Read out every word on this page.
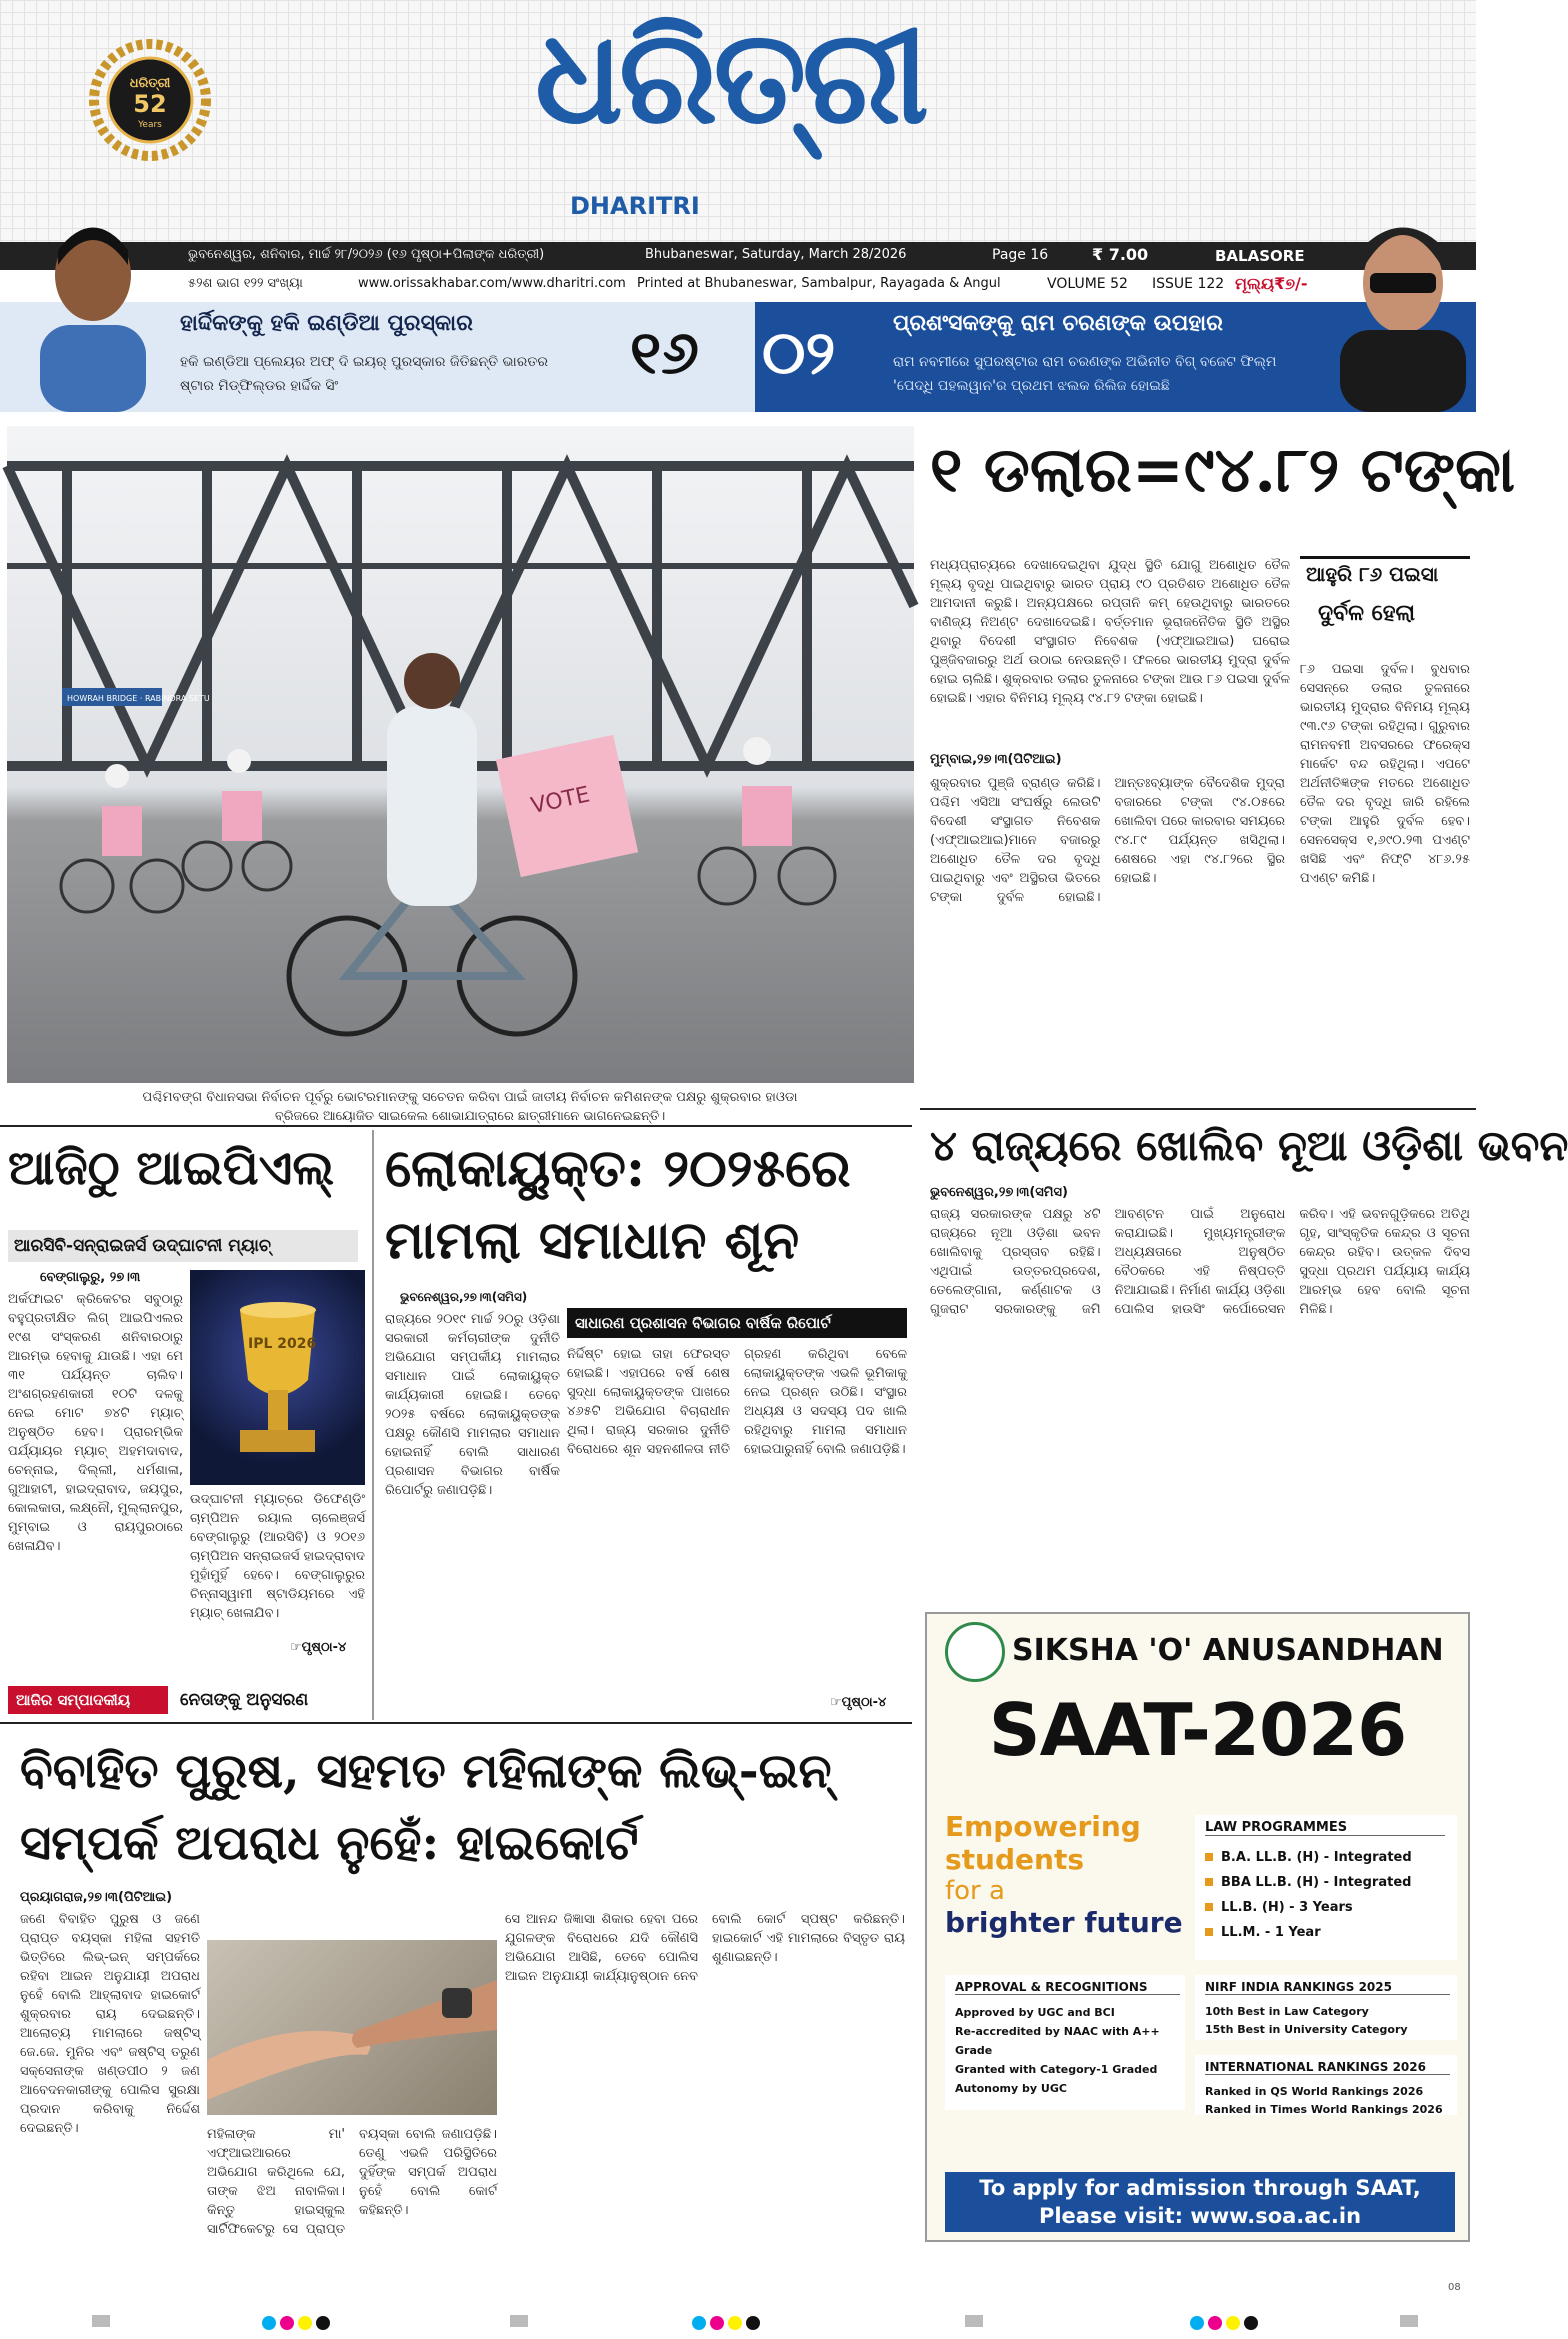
ଧରିତ୍ରୀ
52
Years	ଧରିତ୍ରୀ
DHARITRI
ଭୁବନେଶ୍ୱର, ଶନିବାର, ମାର୍ଚ୍ଚ ୨୮/୨୦୨୬ (୧୬ ପୃଷ୍ଠା+ପିଲାଙ୍କ ଧରିତ୍ରୀ)	Bhubaneswar, Saturday, March 28/2026	Page 16	₹ 7.00	BALASORE
୫୨ଶ ଭାଗ ୧୨୨ ସଂଖ୍ୟା	www.orissakhabar.com/www.dharitri.com Printed at Bhubaneswar, Sambalpur, Rayagada & Angul	VOLUME 52	ISSUE 122 ମୂଲ୍ୟ₹୭/-
ହାର୍ଦ୍ଦିକଙ୍କୁ ହକି ଇଣ୍ଡିଆ ପୁରସ୍କାର
ହକି ଇଣ୍ଡିଆ ପ୍ଲେୟର ଅଫ୍ ଦି ଇୟର୍ ପୁରସ୍କାର ଜିତିଛନ୍ତି ଭାରତର ଷ୍ଟାର ମିଡ୍‌ଫିଲ୍ଡର ହାର୍ଦ୍ଦିକ ସିଂ	୧୬	୦୨	ପ୍ରଶଂସକଙ୍କୁ ରାମ ଚରଣଙ୍କ ଉପହାର
ରାମ ନବମୀରେ ସୁପରଷ୍ଟାର ରାମ ଚରଣଙ୍କ ଅଭିନୀତ ବିଗ୍ ବଜେଟ ଫିଲ୍ମ 'ପେଦ୍ଧି ପହଲୱାନ'ର ପ୍ରଥମ ଝଲକ ରିଲିଜ ହୋଇଛି
HOWRAH BRIDGE · RABINDRA SETU
VOTE
ପଶ୍ଚିମବଙ୍ଗ ବିଧାନସଭା ନିର୍ବାଚନ ପୂର୍ବରୁ ଭୋଟରମାନଙ୍କୁ ସଚେତନ କରିବା ପାଇଁ ଜାତୀୟ ନିର୍ବାଚନ କମିଶନଙ୍କ ପକ୍ଷରୁ ଶୁକ୍ରବାର ହାଓଡା ବ୍ରିଜରେ ଆୟୋଜିତ ସାଇକେଲ ଶୋଭାଯାତ୍ରାରେ ଛାତ୍ରୀମାନେ ଭାଗନେଇଛନ୍ତି।
୧ ଡଲାର=୯୪.୮୨ ଟଙ୍କା
ଆହୁରି ୮୬ ପଇସା
ଦୁର୍ବଳ ହେଲା
ମଧ୍ୟପ୍ରାଚ୍ୟରେ ଦେଖାଦେଇଥିବା ଯୁଦ୍ଧ ସ୍ଥିତି ଯୋଗୁ ଅଶୋଧିତ ତୈଳ ମୂଲ୍ୟ ବୃଦ୍ଧି ପାଇଥିବାରୁ ଭାରତ ପ୍ରାୟ ୯୦ ପ୍ରତିଶତ ଅଶୋଧିତ ତୈଳ ଆମଦାନୀ କରୁଛି। ଅନ୍ୟପକ୍ଷରେ ରପ୍ତାନି କମ୍ ହେଉଥିବାରୁ ଭାରତରେ ବାଣିଜ୍ୟ ନିଅଣ୍ଟ ଦେଖାଦେଇଛି। ବର୍ତ୍ତମାନ ଭୂରାଜନୈତିକ ସ୍ଥିତି ଅସ୍ଥିର ଥିବାରୁ ବିଦେଶୀ ସଂସ୍ଥାଗତ ନିବେଶକ (ଏଫ୍‌ଆଇଆଇ) ଘରୋଇ ପୁଞ୍ଜିବଜାରରୁ ଅର୍ଥ ଉଠାଇ ନେଉଛନ୍ତି। ଫଳରେ ଭାରତୀୟ ମୁଦ୍ରା ଦୁର୍ବଳ ହୋଇ ଚାଲିଛି। ଶୁକ୍ରବାର ଡଲାର ତୁଳନାରେ ଟଙ୍କା ଆଉ ୮୬ ପଇସା ଦୁର୍ବଳ ହୋଇଛି। ଏହାର ବିନିମୟ ମୂଲ୍ୟ ୯୪.୮୨ ଟଙ୍କା ହୋଇଛି।
ମୁମ୍ବାଇ,୨୭।୩(ପିଟିଆଇ)
ଶୁକ୍ରବାର ପୁଞ୍ଜି ବ୍ରାଣ୍ଡ କରିଛି। ପଶ୍ଚିମ ଏସିଆ ସଂଘର୍ଷରୁ ଲେଉଟି ବିଦେଶୀ ସଂସ୍ଥାଗତ ନିବେଶକ (ଏଫ୍‌ଆଇଆଇ)ମାନେ ବଜାରରୁ ଅଶୋଧିତ ତୈଳ ଦର ବୃଦ୍ଧି ପାଇଥିବାରୁ ଏବଂ ଅସ୍ଥିରତା ଭିତରେ ଟଙ୍କା ଦୁର୍ବଳ ହୋଇଛି। ଆନ୍ତଃବ୍ୟାଙ୍କ ବୈଦେଶିକ ମୁଦ୍ରା ବଜାରରେ ଟଙ୍କା ୯୪.୦୫ରେ ଖୋଲିବା ପରେ କାରବାର ସମୟରେ ୯୪.୮୯ ପର୍ଯ୍ୟନ୍ତ ଖସିଥିଲା। ଶେଷରେ ଏହା ୯୪.୮୨ରେ ସ୍ଥିର ହୋଇଛି।
୮୬ ପଇସା ଦୁର୍ବଳ। ବୁଧବାର ସେସନ୍‌ରେ ଡଲାର ତୁଳନାରେ ଭାରତୀୟ ମୁଦ୍ରାର ବିନିମୟ ମୂଲ୍ୟ ୯୩.୯୬ ଟଙ୍କା ରହିଥିଲା। ଗୁରୁବାର ରାମନବମୀ ଅବସରରେ ଫରେକ୍ସ ମାର୍କେଟ ବନ୍ଦ ରହିଥିଲା। ଏପଟେ ଅର୍ଥନୀତିଜ୍ଞଙ୍କ ମତରେ ଅଶୋଧିତ ତୈଳ ଦର ବୃଦ୍ଧି ଜାରି ରହିଲେ ଟଙ୍କା ଆହୁରି ଦୁର୍ବଳ ହେବ। ସେନସେକ୍ସ ୧,୬୯୦.୨୩ ପଏଣ୍ଟ ଖସିଛି ଏବଂ ନିଫ୍ଟି ୪୮୬.୨୫ ପଏଣ୍ଟ କମିଛି।
୪ ରାଜ୍ୟରେ ଖୋଲିବ ନୂଆ ଓଡ଼ିଶା ଭବନ
ଭୁବନେଶ୍ୱର,୨୭।୩(ସମିସ)
ରାଜ୍ୟ ସରକାରଙ୍କ ପକ୍ଷରୁ ୪ଟି ରାଜ୍ୟରେ ନୂଆ ଓଡ଼ିଶା ଭବନ ଖୋଲିବାକୁ ପ୍ରସ୍ତାବ ରହିଛି। ଏଥିପାଇଁ ଉତ୍ତରପ୍ରଦେଶ, ତେଲେଙ୍ଗାନା, କର୍ଣ୍ଣାଟକ ଓ ଗୁଜରାଟ ସରକାରଙ୍କୁ ଜମି ଆବଣ୍ଟନ ପାଇଁ ଅନୁରୋଧ କରାଯାଇଛି। ମୁଖ୍ୟମନ୍ତ୍ରୀଙ୍କ ଅଧ୍ୟକ୍ଷତାରେ ଅନୁଷ୍ଠିତ ବୈଠକରେ ଏହି ନିଷ୍ପତ୍ତି ନିଆଯାଇଛି। ନିର୍ମାଣ କାର୍ଯ୍ୟ ଓଡ଼ିଶା ପୋଲିସ ହାଉସିଂ କର୍ପୋରେସନ କରିବ। ଏହି ଭବନଗୁଡ଼ିକରେ ଅତିଥି ଗୃହ, ସାଂସ୍କୃତିକ କେନ୍ଦ୍ର ଓ ସୂଚନା କେନ୍ଦ୍ର ରହିବ। ଉତ୍କଳ ଦିବସ ସୁଦ୍ଧା ପ୍ରଥମ ପର୍ଯ୍ୟାୟ କାର୍ଯ୍ୟ ଆରମ୍ଭ ହେବ ବୋଲି ସୂଚନା ମିଳିଛି।
ଆଜିଠୁ ଆଇପିଏଲ୍
ଆରସିବି-ସନ୍‌ରାଇଜର୍ସ ଉଦ୍‌ଘାଟନୀ ମ୍ୟାଚ୍
ବେଙ୍ଗାଲୁରୁ, ୨୭।୩
ଅର୍କଫାଇଟ କ୍ରିକେଟର ସବୁଠାରୁ ବହୁପ୍ରତୀକ୍ଷିତ ଲିଗ୍ ଆଇପିଏଲର ୧୯ଶ ସଂସ୍କରଣ ଶନିବାରଠାରୁ ଆରମ୍ଭ ହେବାକୁ ଯାଉଛି। ଏହା ମେ ୩୧ ପର୍ଯ୍ୟନ୍ତ ଚାଲିବ। ଅଂଶଗ୍ରହଣକାରୀ ୧୦ଟି ଦଳକୁ ନେଇ ମୋଟ ୭୪ଟି ମ୍ୟାଚ୍ ଅନୁଷ୍ଠିତ ହେବ। ପ୍ରାରମ୍ଭିକ ପର୍ଯ୍ୟାୟର ମ୍ୟାଚ୍ ଅହମଦାବାଦ, ଚେନ୍ନାଇ, ଦିଲ୍ଲୀ, ଧର୍ମଶାଳା, ଗୁଆହାଟୀ, ହାଇଦ୍ରାବାଦ, ଜୟପୁର, କୋଲକାତା, ଲକ୍ଷ୍ନୌ, ମୁଲ୍ଲାନପୁର, ମୁମ୍ବାଇ ଓ ରାୟପୁରଠାରେ ଖେଳାଯିବ।
IPL 2026
ଉଦ୍‌ଘାଟନୀ ମ୍ୟାଚ୍‌ରେ ଡିଫେଣ୍ଡିଂ ଚାମ୍ପିଅନ ରୟାଲ ଚାଲେଞ୍ଜର୍ସ ବେଙ୍ଗାଲୁରୁ (ଆରସିବି) ଓ ୨୦୧୬ ଚାମ୍ପିଅନ ସନ୍‌ରାଇଜର୍ସ ହାଇଦ୍ରାବାଦ ମୁହାଁମୁହିଁ ହେବେ। ବେଙ୍ଗାଲୁରୁର ଚିନ୍ନାସ୍ୱାମୀ ଷ୍ଟାଡିୟମରେ ଏହି ମ୍ୟାଚ୍ ଖେଳାଯିବ।
☞ପୃଷ୍ଠା-୪
ଆଜିର ସମ୍ପାଦକୀୟ	ନେତାଙ୍କୁ ଅନୁସରଣ
ଲୋକାୟୁକ୍ତ: ୨୦୨୫ରେ
ମାମଲା ସମାଧାନ ଶୂନ
ଭୁବନେଶ୍ୱର,୨୭।୩(ସମିସ)
ରାଜ୍ୟରେ ୨୦୧୯ ମାର୍ଚ୍ଚ ୨୦ରୁ ଓଡ଼ିଶା ସରକାରୀ କର୍ମଚାରୀଙ୍କ ଦୁର୍ନୀତି ଅଭିଯୋଗ ସମ୍ପର୍କୀୟ ମାମଲାର ସମାଧାନ ପାଇଁ ଲୋକାୟୁକ୍ତ କାର୍ଯ୍ୟକାରୀ ହୋଇଛି। ତେବେ ୨୦୨୫ ବର୍ଷରେ ଲୋକାୟୁକ୍ତଙ୍କ ପକ୍ଷରୁ କୌଣସି ମାମଲାର ସମାଧାନ ହୋଇନାହିଁ ବୋଲି ସାଧାରଣ ପ୍ରଶାସନ ବିଭାଗର ବାର୍ଷିକ ରିପୋର୍ଟରୁ ଜଣାପଡ଼ିଛି।
ସାଧାରଣ ପ୍ରଶାସନ ବିଭାଗର ବାର୍ଷିକ ରିପୋର୍ଟ
ନିର୍ଦ୍ଦିଷ୍ଟ ହୋଇ ତାହା ଫେରସ୍ତ ହୋଇଛି। ଏହାପରେ ବର୍ଷ ଶେଷ ସୁଦ୍ଧା ଲୋକାୟୁକ୍ତଙ୍କ ପାଖରେ ୪୬୫ଟି ଅଭିଯୋଗ ବିଚାରାଧୀନ ଥିଲା। ରାଜ୍ୟ ସରକାର ଦୁର୍ନୀତି ବିରୋଧରେ ଶୂନ ସହନଶୀଳତା ନୀତି ଗ୍ରହଣ କରିଥିବା ବେଳେ ଲୋକାୟୁକ୍ତଙ୍କ ଏଭଳି ଭୂମିକାକୁ ନେଇ ପ୍ରଶ୍ନ ଉଠିଛି। ସଂସ୍ଥାର ଅଧ୍ୟକ୍ଷ ଓ ସଦସ୍ୟ ପଦ ଖାଲି ରହିଥିବାରୁ ମାମଲା ସମାଧାନ ହୋଇପାରୁନାହିଁ ବୋଲି ଜଣାପଡ଼ିଛି।
☞ପୃଷ୍ଠା-୪
ବିବାହିତ ପୁରୁଷ, ସହମତ ମହିଳାଙ୍କ ଲିଭ୍-ଇନ୍ ସମ୍ପର୍କ ଅପରାଧ ନୁହେଁ: ହାଇକୋର୍ଟ
ପ୍ରୟାଗରାଜ,୨୭।୩(ପିଟିଆଇ)
ଜଣେ ବିବାହିତ ପୁରୁଷ ଓ ଜଣେ ପ୍ରାପ୍ତ ବୟସ୍କା ମହିଳା ସହମତି ଭିତ୍ତିରେ ଲିଭ୍-ଇନ୍ ସମ୍ପର୍କରେ ରହିବା ଆଇନ ଅନୁଯାୟୀ ଅପରାଧ ନୁହେଁ ବୋଲି ଆହ୍ଲାବାଦ ହାଇକୋର୍ଟ ଶୁକ୍ରବାର ରାୟ ଦେଇଛନ୍ତି। ଆଲୋଚ୍ୟ ମାମଲାରେ ଜଷ୍ଟିସ୍ ଜେ.ଜେ. ମୁନିର ଏବଂ ଜଷ୍ଟିସ୍ ତରୁଣ ସକ୍ସେନାଙ୍କ ଖଣ୍ଡପୀଠ ୨ ଜଣ ଆବେଦନକାରୀଙ୍କୁ ପୋଲିସ ସୁରକ୍ଷା ପ୍ରଦାନ କରିବାକୁ ନିର୍ଦ୍ଦେଶ ଦେଇଛନ୍ତି।	ମହିଳାଙ୍କ ମା' ଏଫ୍‌ଆଇଆରରେ ଅଭିଯୋଗ କରିଥିଲେ ଯେ, ତାଙ୍କ ଝିଅ ନାବାଳିକା। କିନ୍ତୁ ହାଇସ୍କୁଲ ସାର୍ଟିଫିକେଟରୁ ସେ ପ୍ରାପ୍ତ ବୟସ୍କା ବୋଲି ଜଣାପଡ଼ିଛି। ତେଣୁ ଏଭଳି ପରିସ୍ଥିତିରେ ଦୁହିଁଙ୍କ ସମ୍ପର୍କ ଅପରାଧ ନୁହେଁ ବୋଲି କୋର୍ଟ କହିଛନ୍ତି।
ସେ ଆନନ୍ଦ ଜିଜ୍ଞାସା ଶିକାର ହେବା ପରେ ଯୁଗଳଙ୍କ ବିରୋଧରେ ଯଦି କୌଣସି ଅଭିଯୋଗ ଆସିଛି, ତେବେ ପୋଲିସ ଆଇନ ଅନୁଯାୟୀ କାର୍ଯ୍ୟାନୁଷ୍ଠାନ ନେବ ବୋଲି କୋର୍ଟ ସ୍ପଷ୍ଟ କରିଛନ୍ତି। ହାଇକୋର୍ଟ ଏହି ମାମଲାରେ ବିସ୍ତୃତ ରାୟ ଶୁଣାଇଛନ୍ତି।
SIKSHA 'O' ANUSANDHAN
SAAT-2026
Empowering
students
for a
brighter future
LAW PROGRAMMES
B.A. LL.B. (H) - Integrated
BBA LL.B. (H) - Integrated
LL.B. (H) - 3 Years
LL.M. - 1 Year
APPROVAL & RECOGNITIONS
Approved by UGC and BCI
Re-accredited by NAAC with A++ Grade
Granted with Category-1 Graded Autonomy by UGC
NIRF INDIA RANKINGS 2025
10th Best in Law Category
15th Best in University Category
INTERNATIONAL RANKINGS 2026
Ranked in QS World Rankings 2026
Ranked in Times World Rankings 2026
To apply for admission through SAAT,
Please visit: www.soa.ac.in
08
